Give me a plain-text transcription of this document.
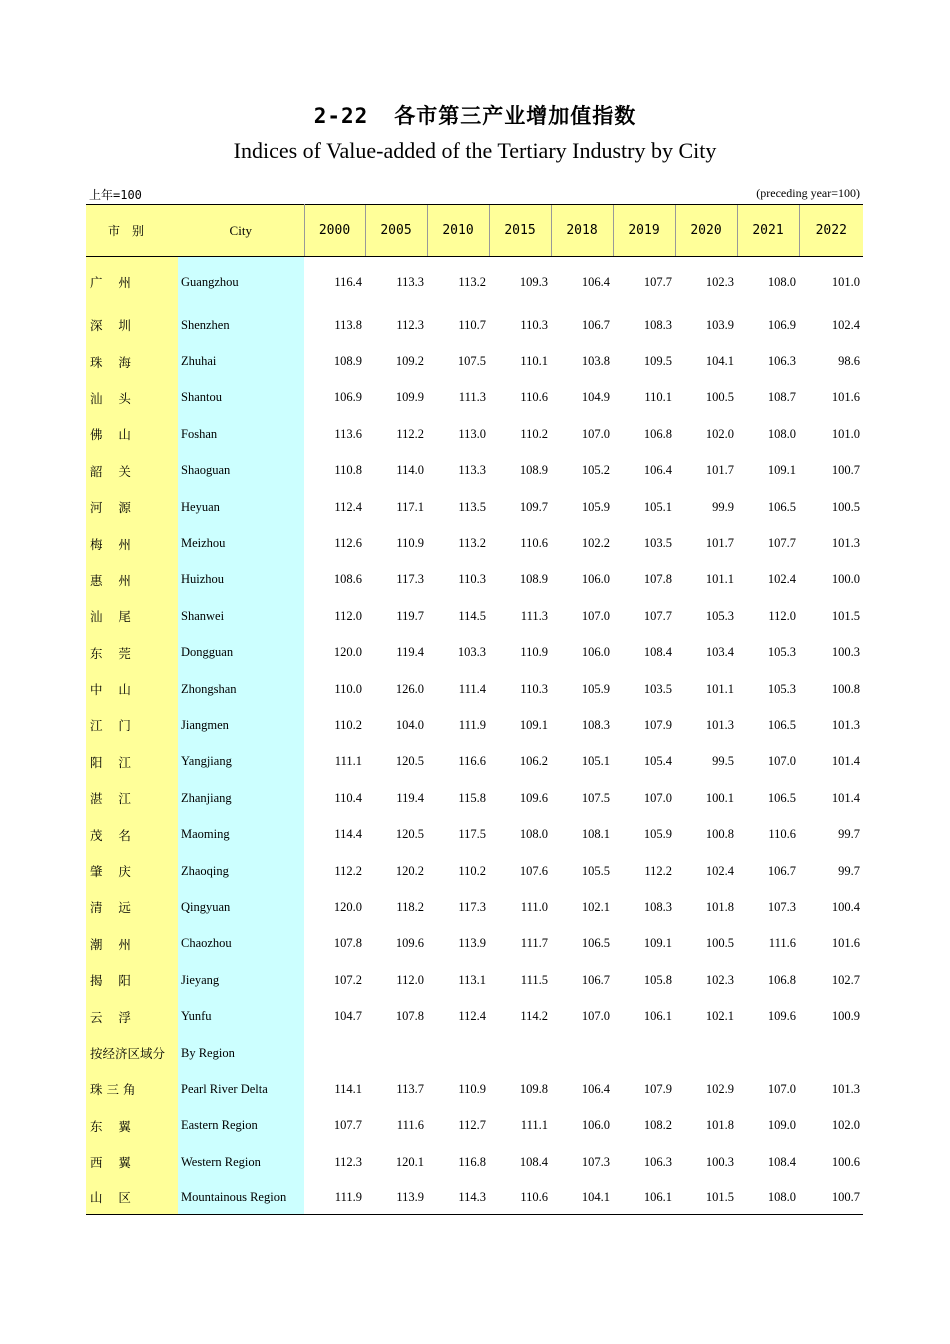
2-22 各市第三产业增加值指数
Indices of Value-added of the Tertiary Industry by City
上年=100	(preceding year=100)
市别	City	2000	2005	2010	2015	2018	2019	2020	2021	2022
广    州	Guangzhou	116.4	113.3	113.2	109.3	106.4	107.7	102.3	108.0	101.0
深    圳	Shenzhen	113.8	112.3	110.7	110.3	106.7	108.3	103.9	106.9	102.4
珠    海	Zhuhai	108.9	109.2	107.5	110.1	103.8	109.5	104.1	106.3	98.6
汕    头	Shantou	106.9	109.9	111.3	110.6	104.9	110.1	100.5	108.7	101.6
佛    山	Foshan	113.6	112.2	113.0	110.2	107.0	106.8	102.0	108.0	101.0
韶    关	Shaoguan	110.8	114.0	113.3	108.9	105.2	106.4	101.7	109.1	100.7
河    源	Heyuan	112.4	117.1	113.5	109.7	105.9	105.1	99.9	106.5	100.5
梅    州	Meizhou	112.6	110.9	113.2	110.6	102.2	103.5	101.7	107.7	101.3
惠    州	Huizhou	108.6	117.3	110.3	108.9	106.0	107.8	101.1	102.4	100.0
汕    尾	Shanwei	112.0	119.7	114.5	111.3	107.0	107.7	105.3	112.0	101.5
东    莞	Dongguan	120.0	119.4	103.3	110.9	106.0	108.4	103.4	105.3	100.3
中    山	Zhongshan	110.0	126.0	111.4	110.3	105.9	103.5	101.1	105.3	100.8
江    门	Jiangmen	110.2	104.0	111.9	109.1	108.3	107.9	101.3	106.5	101.3
阳    江	Yangjiang	111.1	120.5	116.6	106.2	105.1	105.4	99.5	107.0	101.4
湛    江	Zhanjiang	110.4	119.4	115.8	109.6	107.5	107.0	100.1	106.5	101.4
茂    名	Maoming	114.4	120.5	117.5	108.0	108.1	105.9	100.8	110.6	99.7
肇    庆	Zhaoqing	112.2	120.2	110.2	107.6	105.5	112.2	102.4	106.7	99.7
清    远	Qingyuan	120.0	118.2	117.3	111.0	102.1	108.3	101.8	107.3	100.4
潮    州	Chaozhou	107.8	109.6	113.9	111.7	106.5	109.1	100.5	111.6	101.6
揭    阳	Jieyang	107.2	112.0	113.1	111.5	106.7	105.8	102.3	106.8	102.7
云    浮	Yunfu	104.7	107.8	112.4	114.2	107.0	106.1	102.1	109.6	100.9
按经济区域分	By Region									
珠 三 角	Pearl River Delta	114.1	113.7	110.9	109.8	106.4	107.9	102.9	107.0	101.3
东    翼	Eastern Region	107.7	111.6	112.7	111.1	106.0	108.2	101.8	109.0	102.0
西    翼	Western Region	112.3	120.1	116.8	108.4	107.3	106.3	100.3	108.4	100.6
山    区	Mountainous Region	111.9	113.9	114.3	110.6	104.1	106.1	101.5	108.0	100.7
